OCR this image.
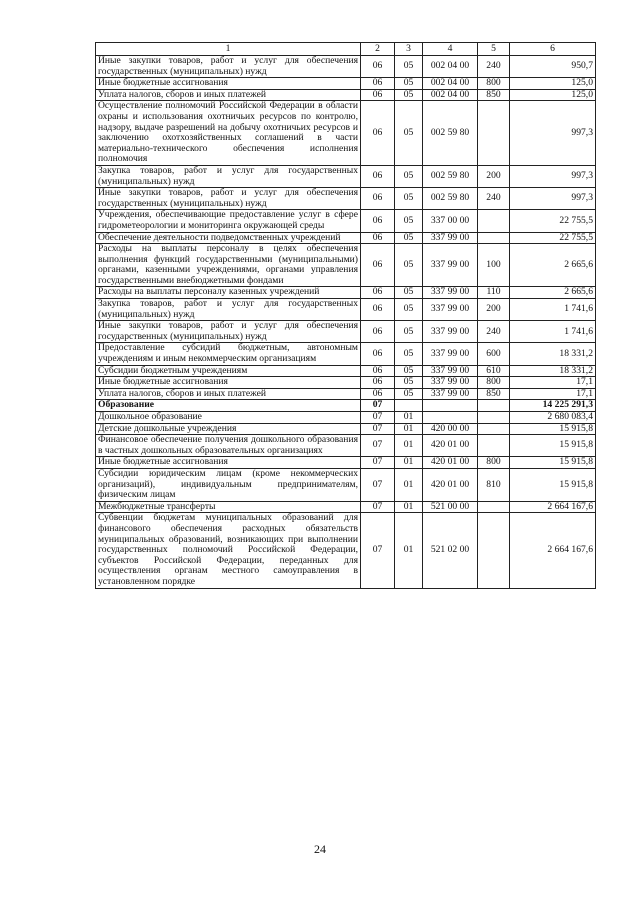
1	2	3	4	5	6
Иные закупки товаров, работ и услуг для обеспечения государственных (муниципальных) нужд	06	05	002 04 00	240	950,7
Иные бюджетные ассигнования	06	05	002 04 00	800	125,0
Уплата налогов, сборов и иных платежей	06	05	002 04 00	850	125,0
Осуществление полномочий Российской Федерации в области охраны и использования охотничьих ресурсов по контролю, надзору, выдаче разрешений на добычу охотничьих ресурсов и заключению охотхозяйственных соглашений в части материально-технического обеспечения исполнения полномочия	06	05	002 59 80		997,3
Закупка товаров, работ и услуг для государственных (муниципальных) нужд	06	05	002 59 80	200	997,3
Иные закупки товаров, работ и услуг для обеспечения государственных (муниципальных) нужд	06	05	002 59 80	240	997,3
Учреждения, обеспечивающие предоставление услуг в сфере гидрометеорологии и мониторинга окружающей среды	06	05	337 00 00		22 755,5
Обеспечение деятельности подведомственных учреждений	06	05	337 99 00		22 755,5
Расходы на выплаты персоналу в целях обеспечения выполнения функций государственными (муниципальными) органами, казенными учреждениями, органами управления государственными внебюджетными фондами	06	05	337 99 00	100	2 665,6
Расходы на выплаты персоналу казенных учреждений	06	05	337 99 00	110	2 665,6
Закупка товаров, работ и услуг для государственных (муниципальных) нужд	06	05	337 99 00	200	1 741,6
Иные закупки товаров, работ и услуг для обеспечения государственных (муниципальных) нужд	06	05	337 99 00	240	1 741,6
Предоставление субсидий бюджетным, автономным учреждениям и иным некоммерческим организациям	06	05	337 99 00	600	18 331,2
Субсидии бюджетным учреждениям	06	05	337 99 00	610	18 331,2
Иные бюджетные ассигнования	06	05	337 99 00	800	17,1
Уплата налогов, сборов и иных платежей	06	05	337 99 00	850	17,1
Образование	07				14 225 291,3
Дошкольное образование	07	01			2 680 083,4
Детские дошкольные учреждения	07	01	420 00 00		15 915,8
Финансовое обеспечение получения дошкольного образования в частных дошкольных образовательных организациях	07	01	420 01 00		15 915,8
Иные бюджетные ассигнования	07	01	420 01 00	800	15 915,8
Субсидии юридическим лицам (кроме некоммерческих организаций), индивидуальным предпринимателям, физическим лицам	07	01	420 01 00	810	15 915,8
Межбюджетные трансферты	07	01	521 00 00		2 664 167,6
Субвенции бюджетам муниципальных образований для финансового обеспечения расходных обязательств муниципальных образований, возникающих при выполнении государственных полномочий Российской Федерации, субъектов Российской Федерации, переданных для осуществления органам местного самоуправления в установленном порядке	07	01	521 02 00		2 664 167,6
24
